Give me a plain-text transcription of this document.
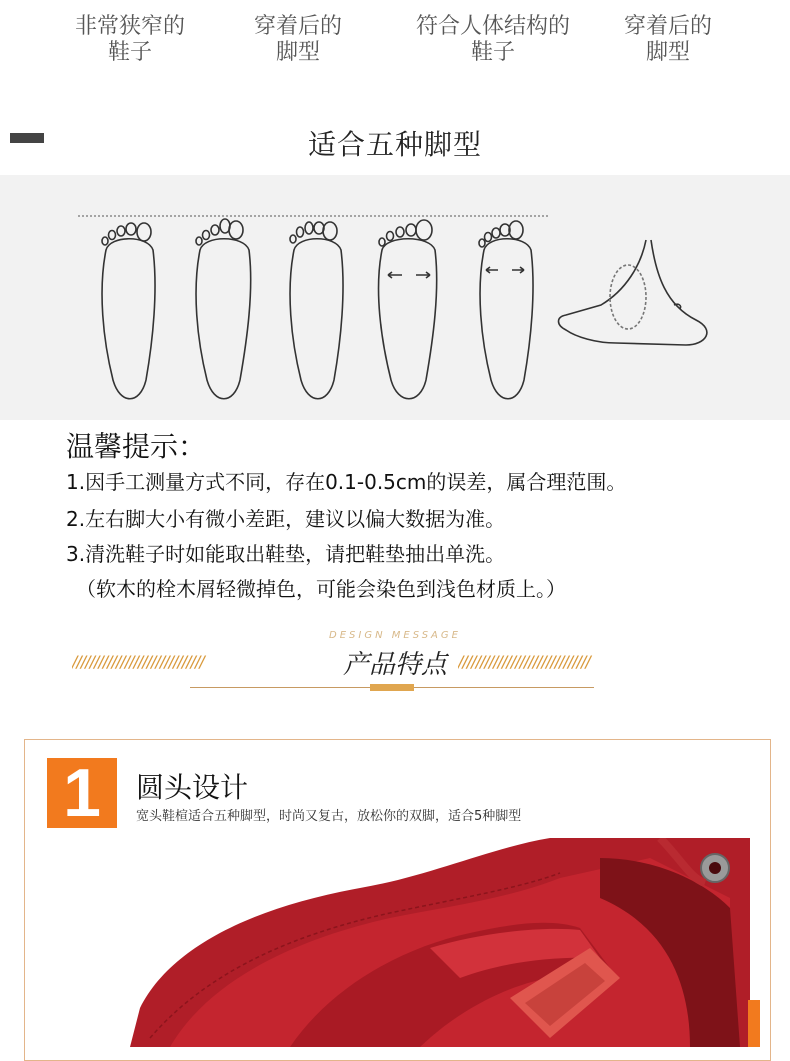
非常狭窄的
鞋子
穿着后的
脚型
符合人体结构的
鞋子
穿着后的
脚型
适合五种脚型
温馨提示：
1.因手工测量方式不同，存在0.1-0.5cm的误差，属合理范围。
2.左右脚大小有微小差距，建议以偏大数据为准。
3.清洗鞋子时如能取出鞋垫，请把鞋垫抽出单洗。
（软木的栓木屑轻微掉色，可能会染色到浅色材质上。）
DESIGN MESSAGE
//////////////////////////////	//////////////////////////////
产品特点
1	圆头设计
宽头鞋楦适合五种脚型，时尚又复古，放松你的双脚，适合5种脚型
